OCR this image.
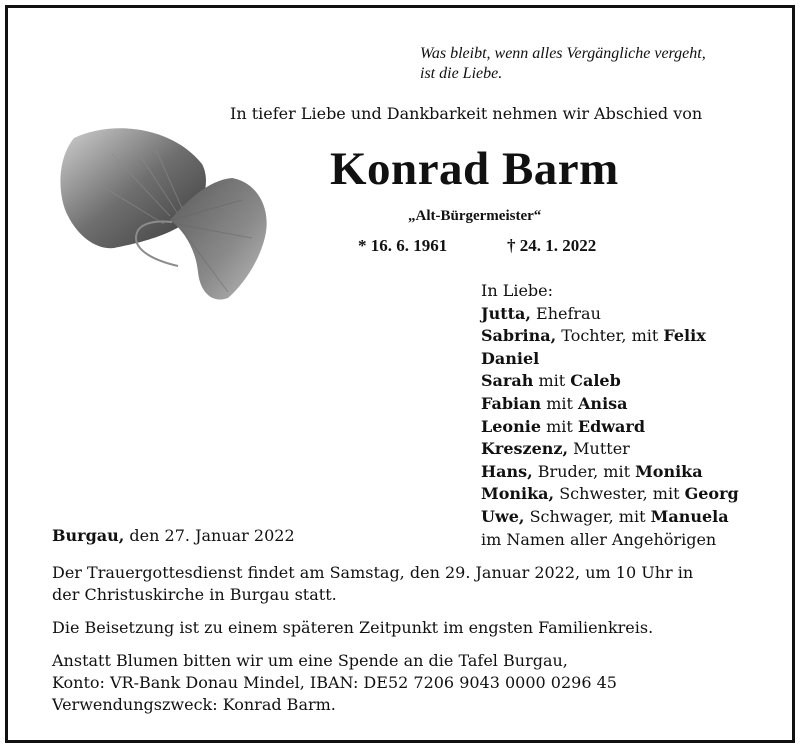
Was bleibt, wenn alles Vergängliche vergeht,
ist die Liebe.
In tiefer Liebe und Dankbarkeit nehmen wir Abschied von
Konrad Barm
„Alt-Bürgermeister“
* 16. 6. 1961	† 24. 1. 2022
In Liebe:
Jutta, Ehefrau
Sabrina, Tochter, mit Felix
Daniel
Sarah mit Caleb
Fabian mit Anisa
Leonie mit Edward
Kreszenz, Mutter
Hans, Bruder, mit Monika
Monika, Schwester, mit Georg
Uwe, Schwager, mit Manuela
im Namen aller Angehörigen
Burgau, den 27. Januar 2022
Der Trauergottesdienst findet am Samstag, den 29. Januar 2022, um 10 Uhr in
der Christuskirche in Burgau statt.
Die Beisetzung ist zu einem späteren Zeitpunkt im engsten Familienkreis.
Anstatt Blumen bitten wir um eine Spende an die Tafel Burgau,
Konto: VR-Bank Donau Mindel, IBAN: DE52 7206 9043 0000 0296 45
Verwendungszweck: Konrad Barm.
